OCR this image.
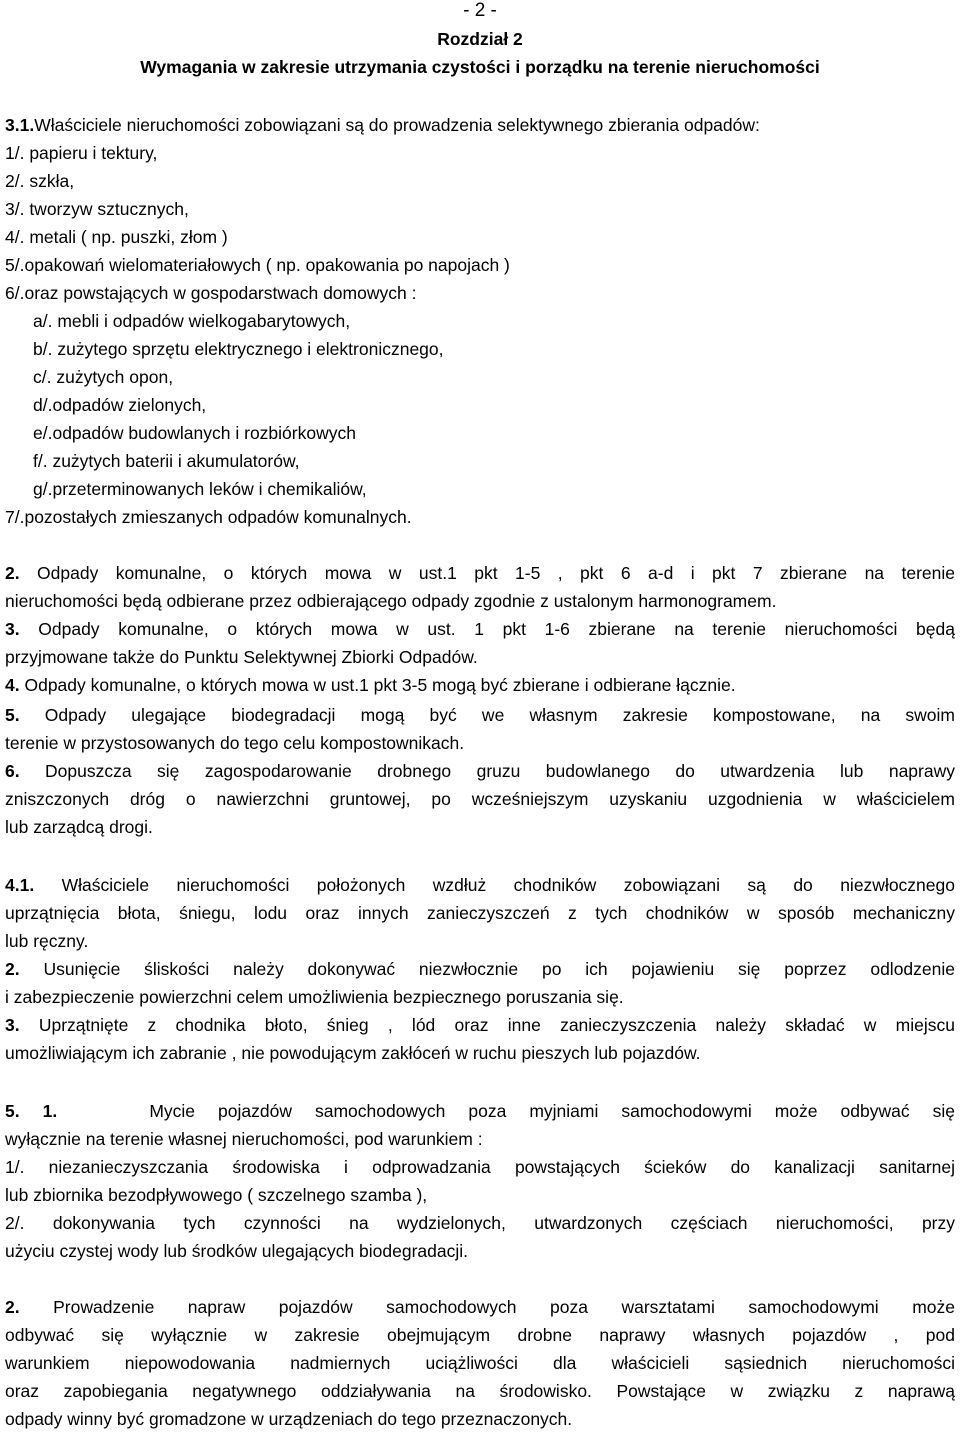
- 2 -
Rozdział 2
Wymagania w zakresie utrzymania czystości i porządku na terenie nieruchomości
3.1.Właściciele nieruchomości zobowiązani są do prowadzenia selektywnego zbierania odpadów:
1/. papieru i tektury,
2/. szkła,
3/. tworzyw sztucznych,
4/. metali ( np. puszki, złom )
5/.opakowań wielomateriałowych ( np. opakowania po napojach )
6/.oraz powstających w gospodarstwach domowych :
a/. mebli i odpadów wielkogabarytowych,
b/. zużytego sprzętu elektrycznego i elektronicznego,
c/. zużytych opon,
d/.odpadów zielonych,
e/.odpadów budowlanych i rozbiórkowych
f/. zużytych baterii i akumulatorów,
g/.przeterminowanych leków i chemikaliów,
7/.pozostałych zmieszanych odpadów komunalnych.
2. Odpady komunalne, o których mowa w ust.1 pkt 1-5 , pkt 6 a-d i pkt 7 zbierane na terenie
nieruchomości będą odbierane przez odbierającego odpady zgodnie z ustalonym harmonogramem.
3. Odpady komunalne, o których mowa w ust. 1 pkt 1-6 zbierane na terenie nieruchomości będą
przyjmowane także do Punktu Selektywnej Zbiorki Odpadów.
4. Odpady komunalne, o których mowa w ust.1 pkt 3-5 mogą być zbierane i odbierane łącznie.
5. Odpady ulegające biodegradacji mogą być we własnym zakresie kompostowane, na swoim
terenie w przystosowanych do tego celu kompostownikach.
6. Dopuszcza się zagospodarowanie drobnego gruzu budowlanego do utwardzenia lub naprawy
zniszczonych dróg o nawierzchni gruntowej, po wcześniejszym uzyskaniu uzgodnienia w właścicielem
lub zarządcą drogi.
4.1. Właściciele nieruchomości położonych wzdłuż chodników zobowiązani są do niezwłocznego
uprzątnięcia błota, śniegu, lodu oraz innych zanieczyszczeń z tych chodników w sposób mechaniczny
lub ręczny.
2. Usunięcie śliskości należy dokonywać niezwłocznie po ich pojawieniu się poprzez odlodzenie
i zabezpieczenie powierzchni celem umożliwienia bezpiecznego poruszania się.
3. Uprzątnięte z chodnika błoto, śnieg , lód oraz inne zanieczyszczenia należy składać w miejscu
umożliwiającym ich zabranie , nie powodującym zakłóceń w ruchu pieszych lub pojazdów.
5. 1.	Mycie pojazdów samochodowych poza myjniami samochodowymi może odbywać się
wyłącznie na terenie własnej nieruchomości, pod warunkiem :
1/. niezanieczyszczania środowiska i odprowadzania powstających ścieków do kanalizacji sanitarnej
lub zbiornika bezodpływowego ( szczelnego szamba ),
2/. dokonywania tych czynności na wydzielonych, utwardzonych częściach nieruchomości, przy
użyciu czystej wody lub środków ulegających biodegradacji.
2. Prowadzenie napraw pojazdów samochodowych poza warsztatami samochodowymi może
odbywać się wyłącznie w zakresie obejmującym drobne naprawy własnych pojazdów , pod
warunkiem niepowodowania nadmiernych uciążliwości dla właścicieli sąsiednich nieruchomości
oraz zapobiegania negatywnego oddziaływania na środowisko. Powstające w związku z naprawą
odpady winny być gromadzone w urządzeniach do tego przeznaczonych.
